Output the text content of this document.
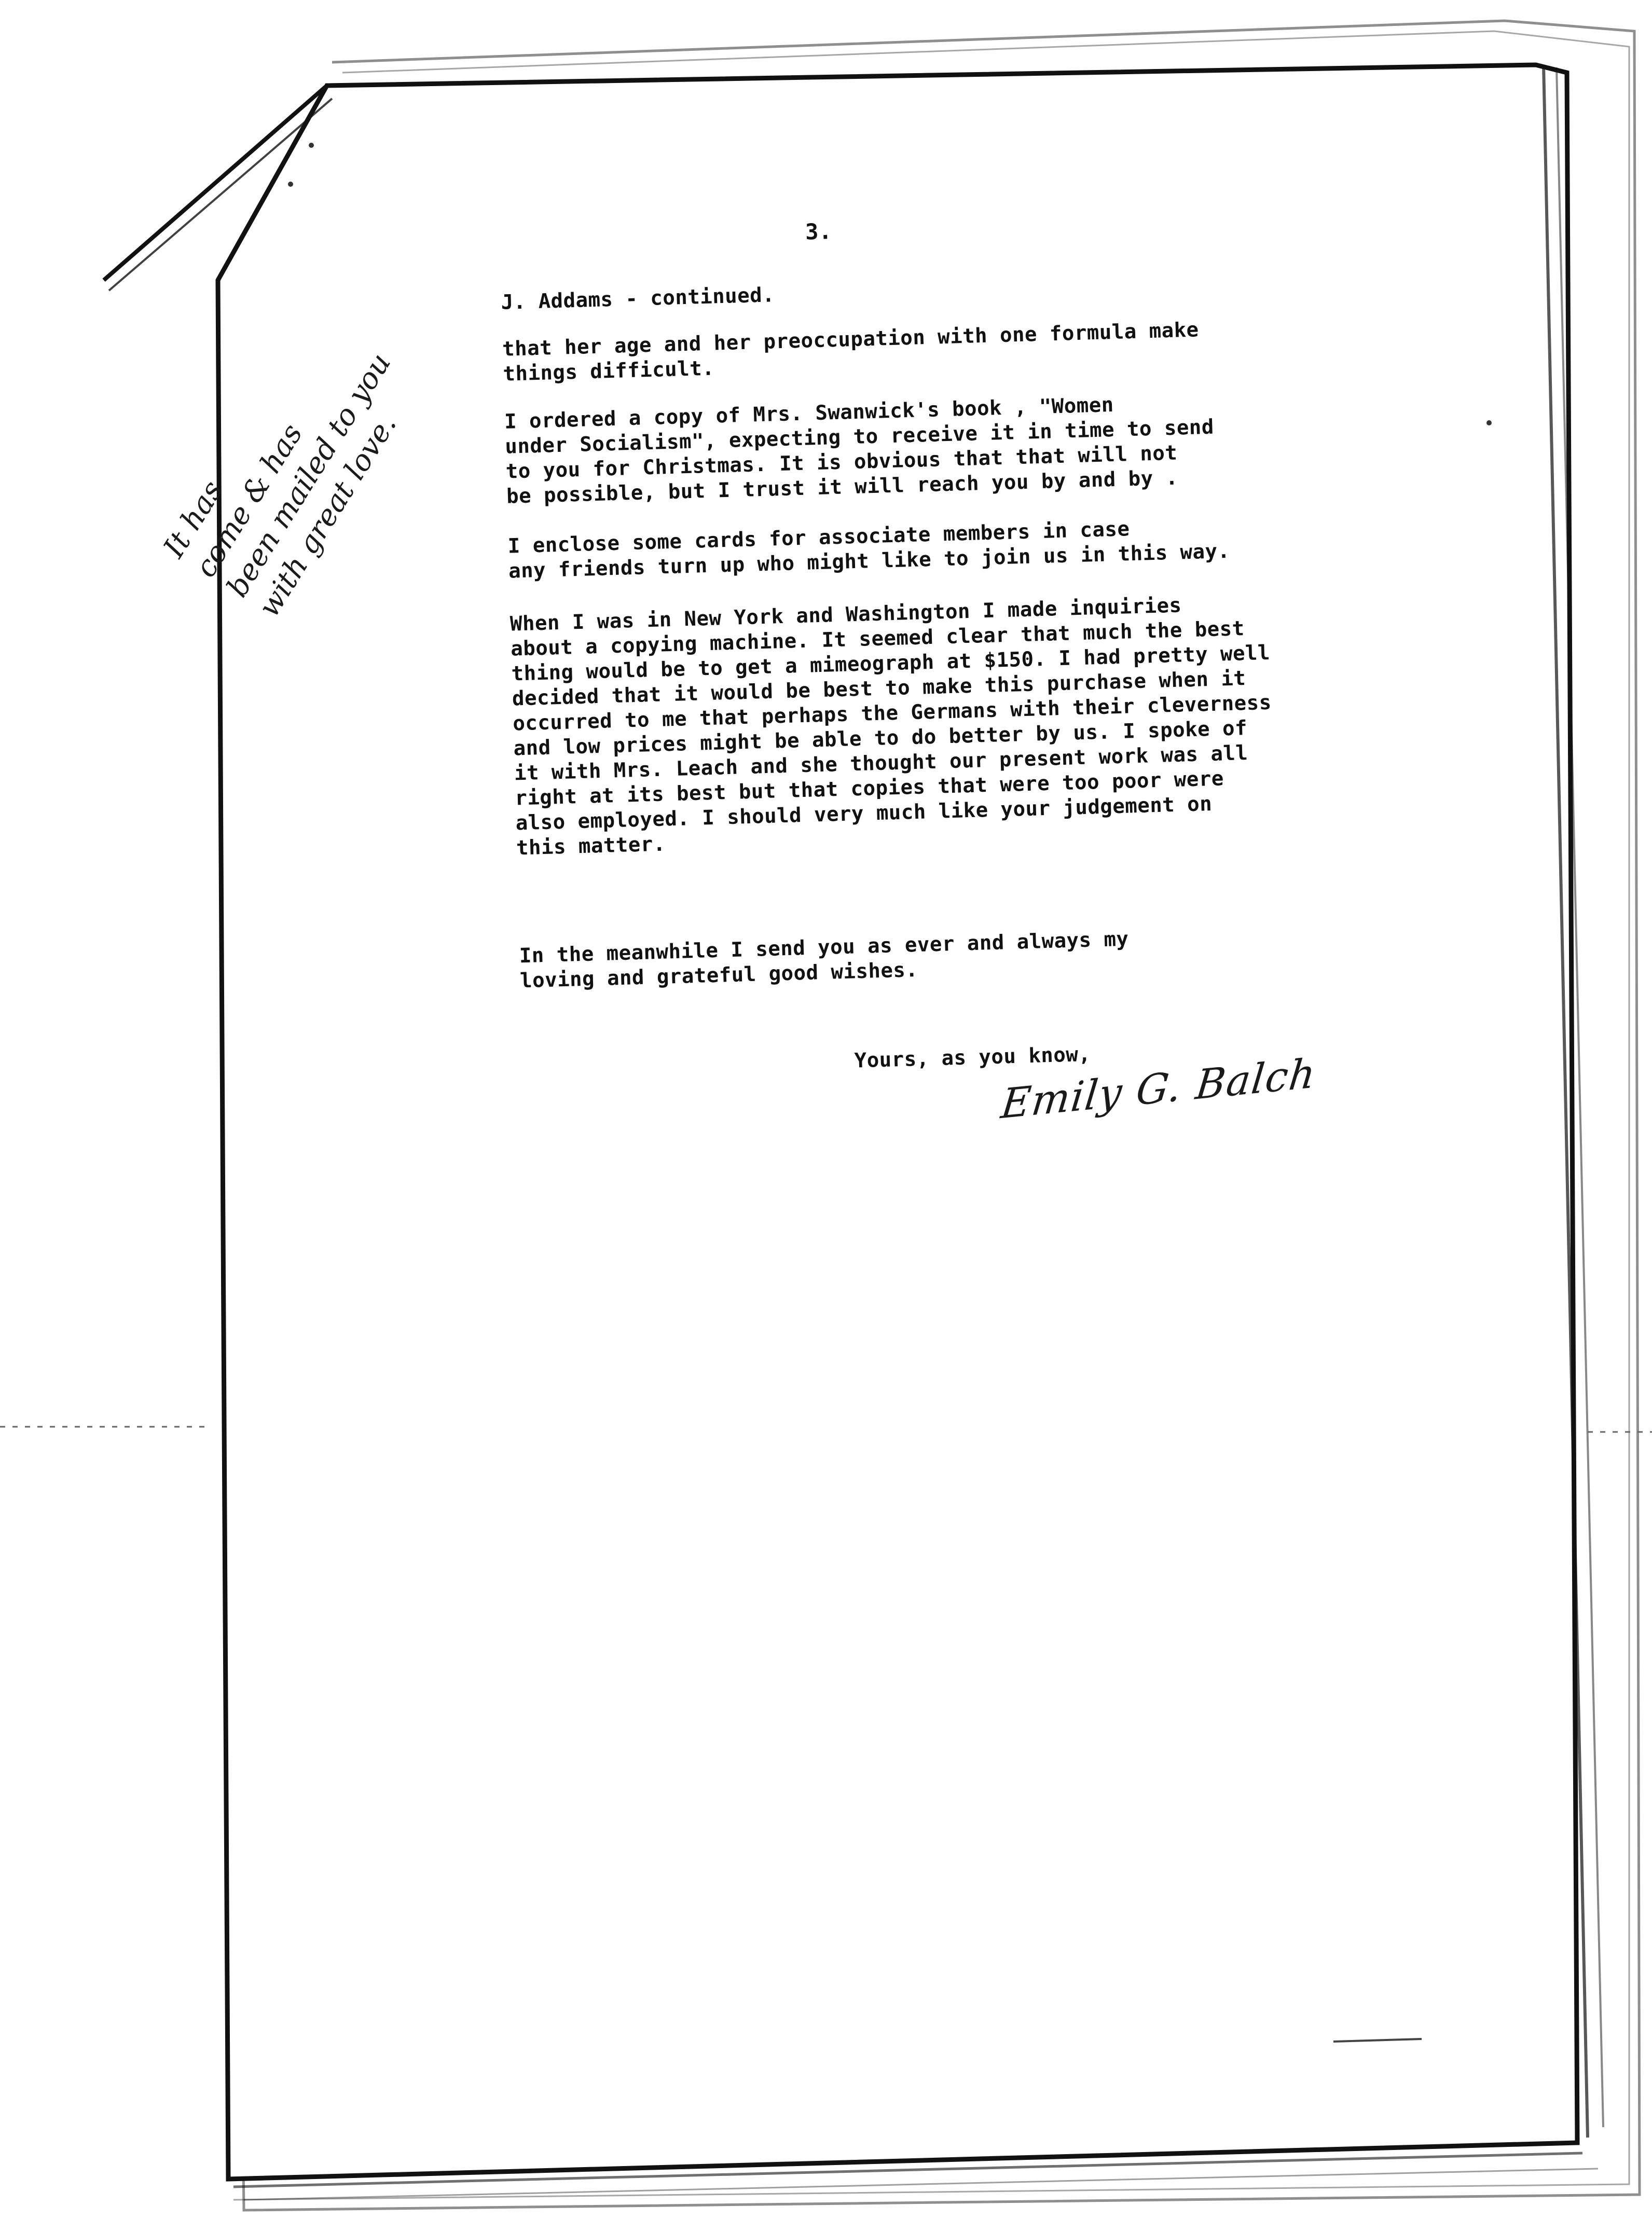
It has
come & has
been mailed to you
with great love.
3.
J. Addams - continued.
that her age and her preoccupation with one formula make
things difficult.
I ordered a copy of Mrs. Swanwick's book , "Women
under Socialism", expecting to receive it in time to send
to you for Christmas. It is obvious that that will not
be possible, but I trust it will reach you by and by .
I enclose some cards for associate members in case
any friends turn up who might like to join us in this way.
When I was in New York and Washington I made inquiries
about a copying machine. It seemed clear that much the best
thing would be to get a mimeograph at $150. I had pretty well
decided that it would be best to make this purchase when it
occurred to me that perhaps the Germans with their cleverness
and low prices might be able to do better by us. I spoke of
it with Mrs. Leach and she thought our present work was all
right at its best but that copies that were too poor were
also employed. I should very much like your judgement on
this matter.
In the meanwhile I send you as ever and always my
loving and grateful good wishes.
Yours, as you know,
Emily G. Balch
